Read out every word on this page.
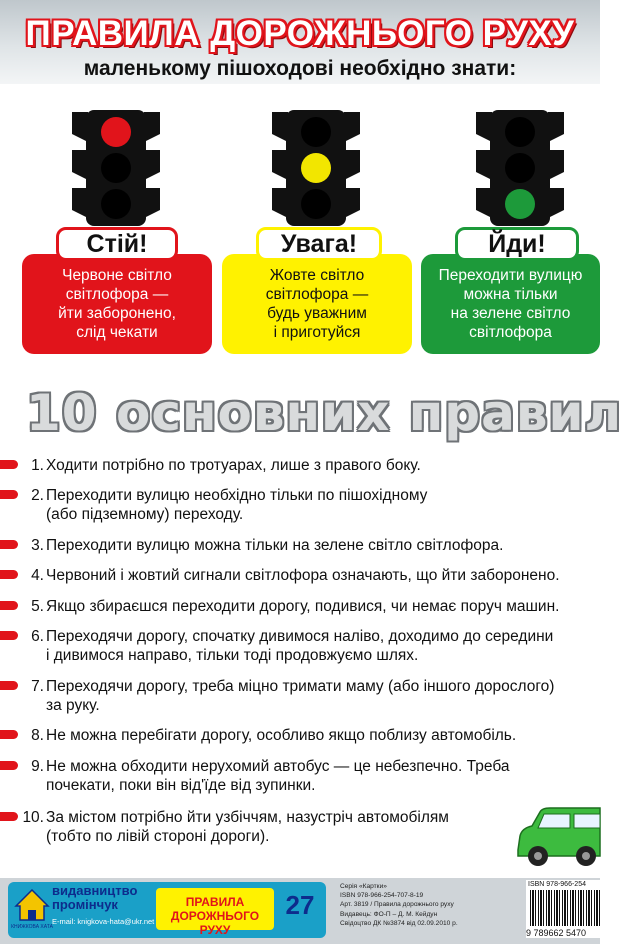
ПРАВИЛА ДОРОЖНЬОГО РУХУ
маленькому пішоходові необхідно знати:
Червоне світло
світлофора —
йти заборонено,
слід чекати
Стій!
Жовте світло
світлофора —
будь уважним
і приготуйся
Увага!
Переходити вулицю
можна тільки
на зелене світло
світлофора
Йди!
10 основних правил
1. Ходити потрібно по тротуарах, лише з правого боку.
2. Переходити вулицю необхідно тільки по пішохідному
(або підземному) переходу.
3. Переходити вулицю можна тільки на зелене світло світлофора.
4. Червоний і жовтий сигнали світлофора означають, що йти заборонено.
5. Якщо збираєшся переходити дорогу, подивися, чи немає поруч машин.
6. Переходячи дорогу, спочатку дивимося наліво, доходимо до середини
і дивимося направо, тільки тоді продовжуємо шлях.
7. Переходячи дорогу, треба міцно тримати маму (або іншого дорослого)
за руку.
8. Не можна перебігати дорогу, особливо якщо поблизу автомобіль.
9. Не можна обходити нерухомий автобус — це небезпечно. Треба
почекати, поки він від'їде від зупинки.
10. За містом потрібно йти узбіччям, назустріч автомобілям
(тобто по лівій стороні дороги).
КНИЖКОВА ХАТА
видавництво
промінчук
E-mail: knigkova-hata@ukr.net
ПРАВИЛА
ДОРОЖНЬОГО РУХУ
27
Серія «Картки»
ISBN 978-966-254-707-8-19
Арт. 3819 / Правила дорожнього руху
Видавець: ФО-П – Д. М. Кейдун
Свідоцтво ДК №3874 від 02.09.2010 р.
ISBN 978-966-254
9 789662 5470
